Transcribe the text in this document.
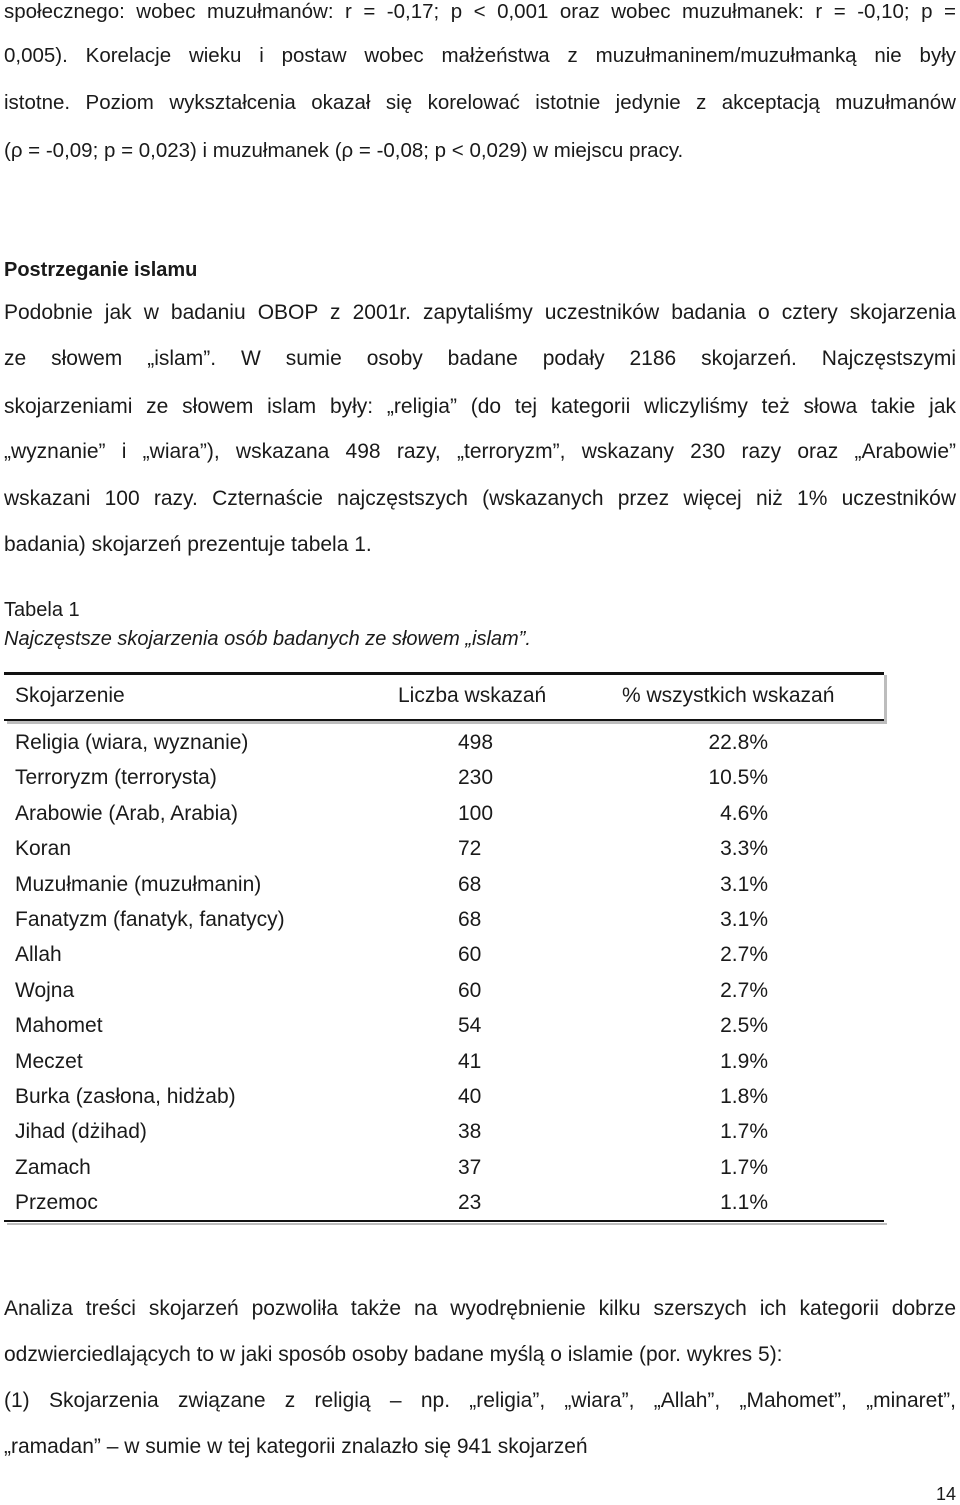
społecznego: wobec muzułmanów: r = -0,17; p < 0,001 oraz wobec muzułmanek: r = -0,10; p =
0,005). Korelacje wieku i postaw wobec małżeństwa z muzułmaninem/muzułmanką nie były
istotne. Poziom wykształcenia okazał się korelować istotnie jedynie z akceptacją muzułmanów
(ρ = -0,09; p = 0,023) i muzułmanek (ρ = -0,08; p < 0,029) w miejscu pracy.
Postrzeganie islamu
Podobnie jak w badaniu OBOP z 2001r. zapytaliśmy uczestników badania o cztery skojarzenia
ze słowem „islam”. W sumie osoby badane podały 2186 skojarzeń. Najczęstszymi
skojarzeniami ze słowem islam były: „religia” (do tej kategorii wliczyliśmy też słowa takie jak
„wyznanie” i „wiara”), wskazana 498 razy, „terroryzm”, wskazany 230 razy oraz „Arabowie”
wskazani 100 razy. Czternaście najczęstszych (wskazanych przez więcej niż 1% uczestników
badania) skojarzeń prezentuje tabela 1.
Tabela 1
Najczęstsze skojarzenia osób badanych ze słowem „islam”.
Skojarzenie	Liczba wskazań	% wszystkich wskazań
Religia (wiara, wyznanie)	498	22.8%
Terroryzm (terrorysta)	230	10.5%
Arabowie (Arab, Arabia)	100	4.6%
Koran	72	3.3%
Muzułmanie (muzułmanin)	68	3.1%
Fanatyzm (fanatyk, fanatycy)	68	3.1%
Allah	60	2.7%
Wojna	60	2.7%
Mahomet	54	2.5%
Meczet	41	1.9%
Burka (zasłona, hidżab)	40	1.8%
Jihad (dżihad)	38	1.7%
Zamach	37	1.7%
Przemoc	23	1.1%
Analiza treści skojarzeń pozwoliła także na wyodrębnienie kilku szerszych ich kategorii dobrze
odzwierciedlających to w jaki sposób osoby badane myślą o islamie (por. wykres 5):
(1) Skojarzenia związane z religią – np. „religia”, „wiara”, „Allah”, „Mahomet”, „minaret”,
„ramadan” – w sumie w tej kategorii znalazło się 941 skojarzeń
14
